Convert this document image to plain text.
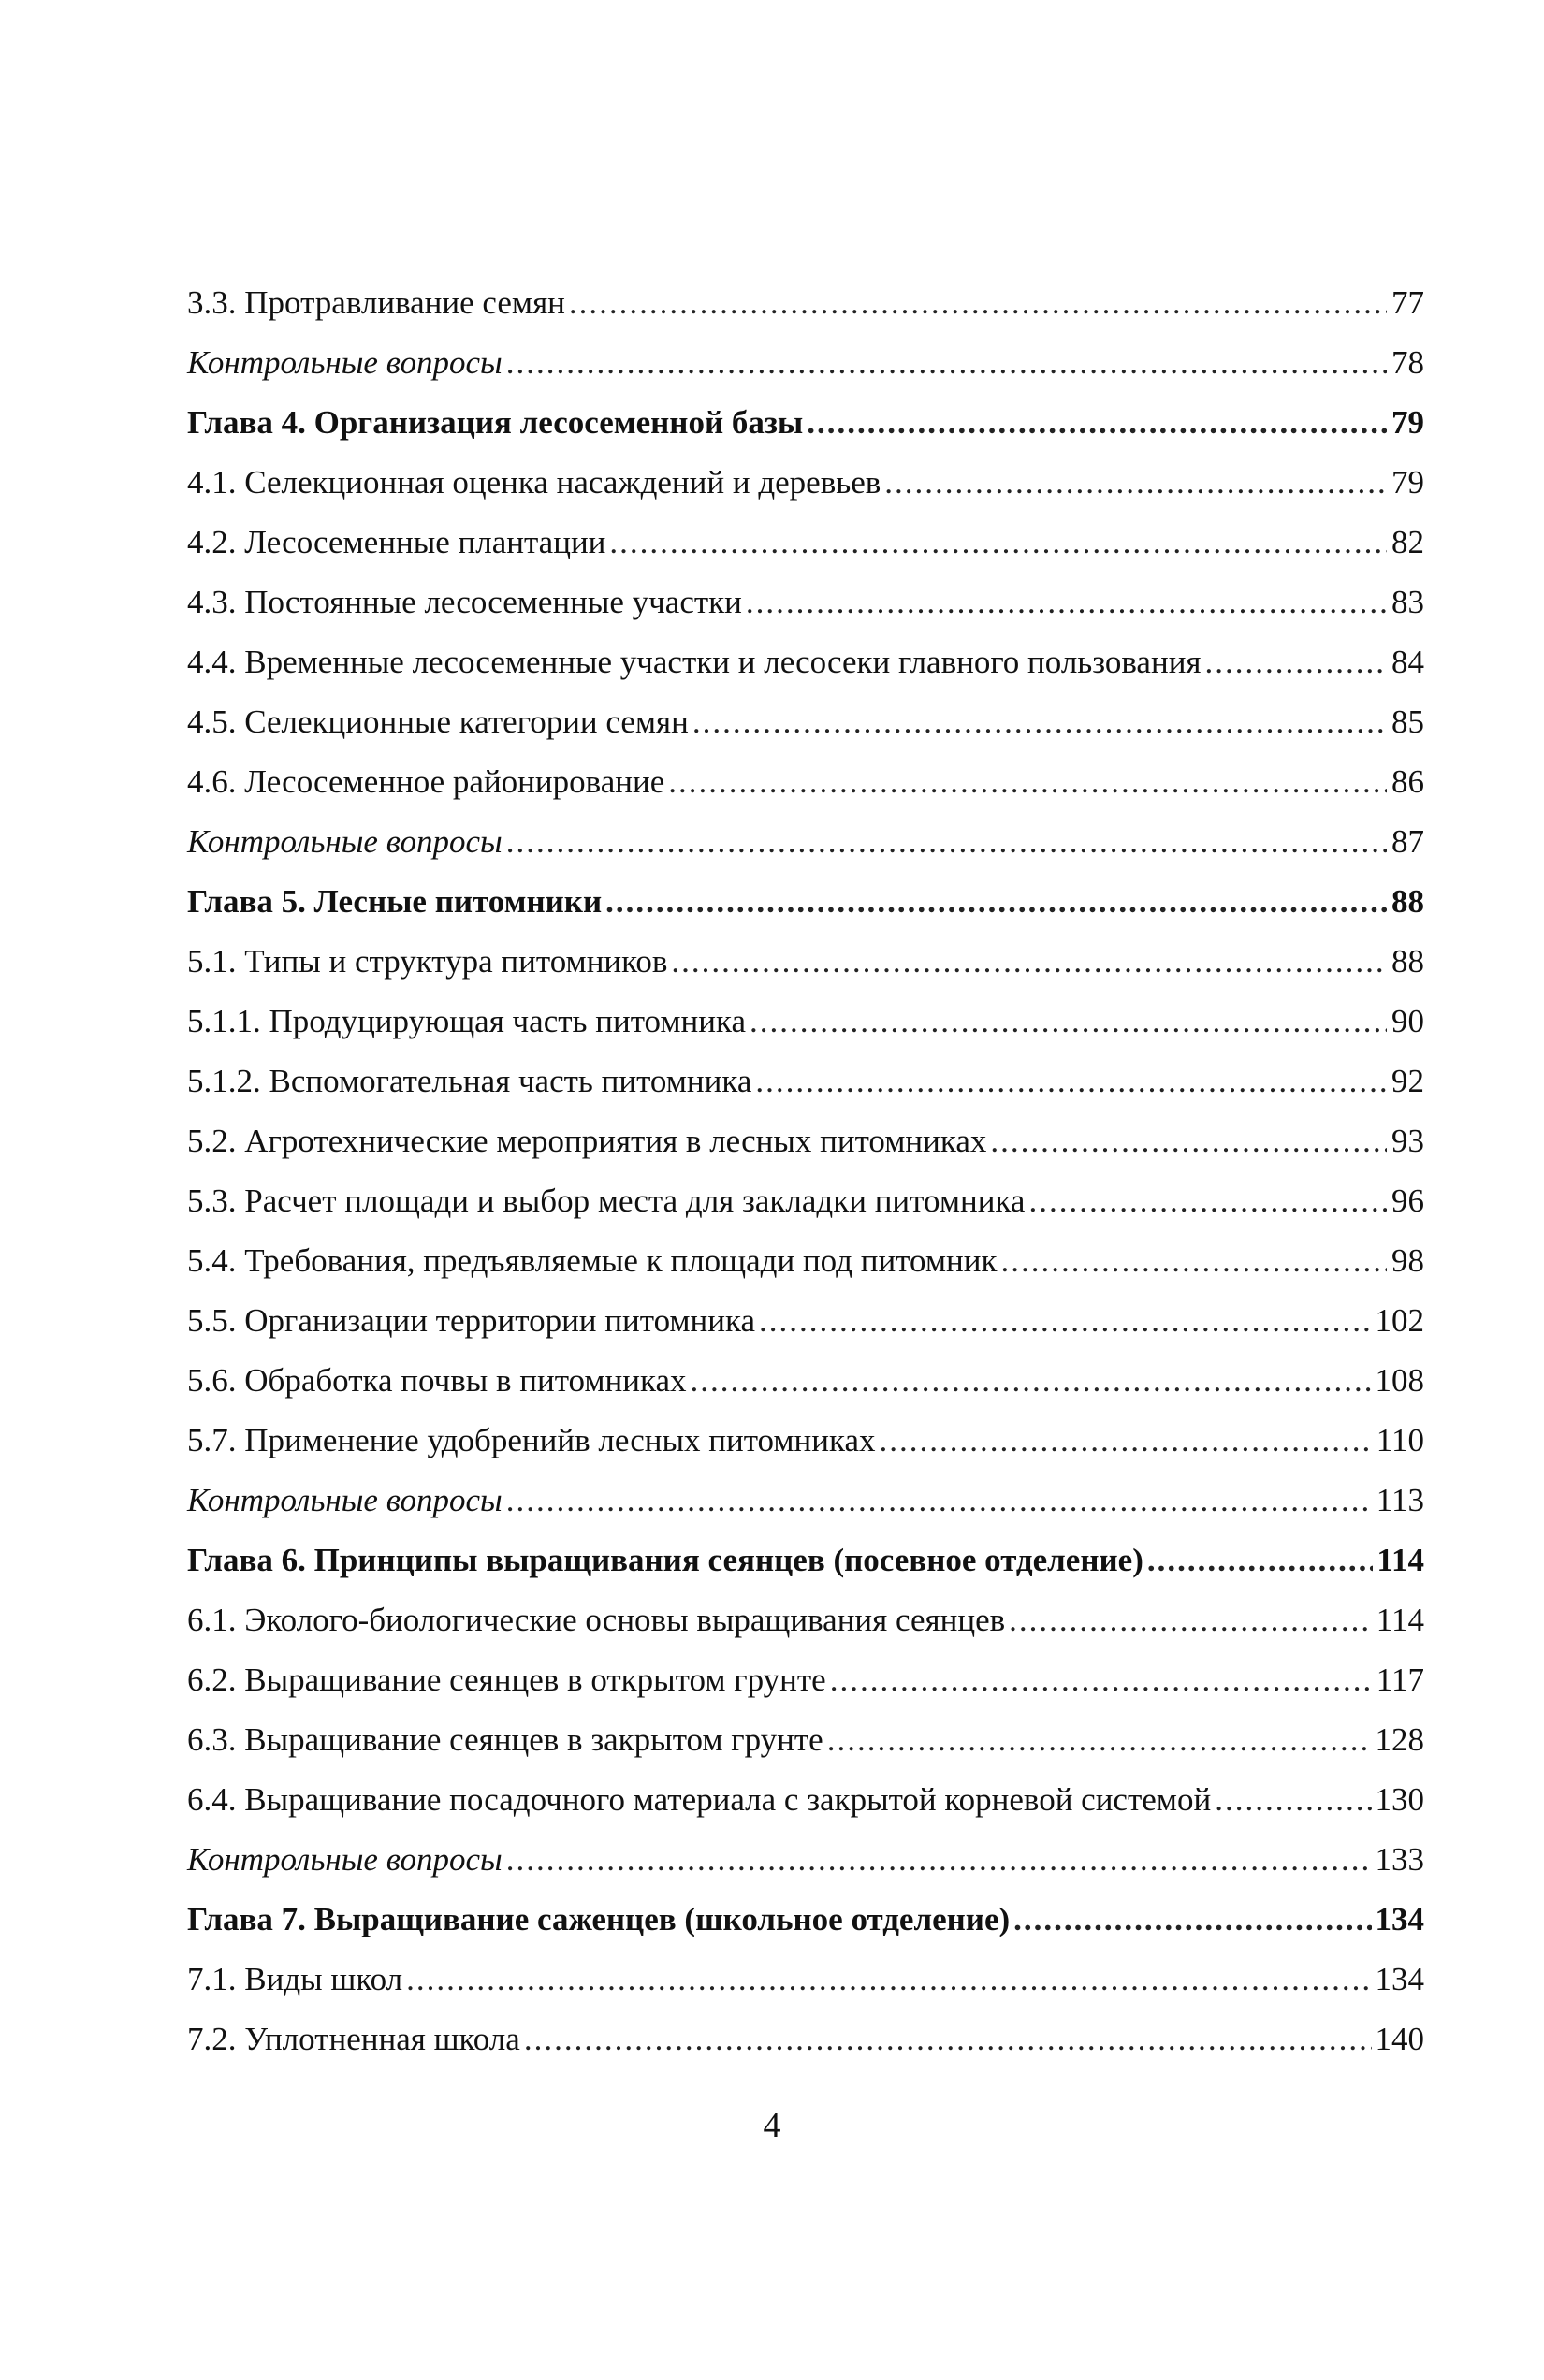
3.3. Протравливание семян .....	77
Контрольные вопросы .....	78
Глава 4. Организация лесосеменной базы .....	79
4.1. Селекционная оценка насаждений и деревьев .....	79
4.2. Лесосеменные плантации .....	82
4.3. Постоянные лесосеменные участки .....	83
4.4. Временные лесосеменные участки и лесосеки главного пользования .....	84
4.5. Селекционные категории семян .....	85
4.6. Лесосеменное районирование .....	86
Контрольные вопросы .....	87
Глава 5. Лесные питомники .....	88
5.1. Типы и структура питомников .....	88
5.1.1. Продуцирующая часть питомника .....	90
5.1.2. Вспомогательная часть питомника .....	92
5.2. Агротехнические мероприятия в лесных питомниках .....	93
5.3. Расчет площади и выбор места для закладки питомника .....	96
5.4. Требования, предъявляемые к площади под питомник .....	98
5.5. Организации территории питомника .....	102
5.6. Обработка почвы в питомниках .....	108
5.7. Применение удобренийв лесных питомниках .....	110
Контрольные вопросы .....	113
Глава 6. Принципы выращивания сеянцев (посевное отделение) .....	114
6.1. Эколого-биологические основы выращивания сеянцев .....	114
6.2. Выращивание сеянцев в открытом грунте .....	117
6.3. Выращивание сеянцев в закрытом грунте .....	128
6.4. Выращивание посадочного материала с закрытой корневой системой .....	130
Контрольные вопросы .....	133
Глава 7. Выращивание саженцев (школьное отделение) .....	134
7.1. Виды школ .....	134
7.2. Уплотненная школа .....	140
4
